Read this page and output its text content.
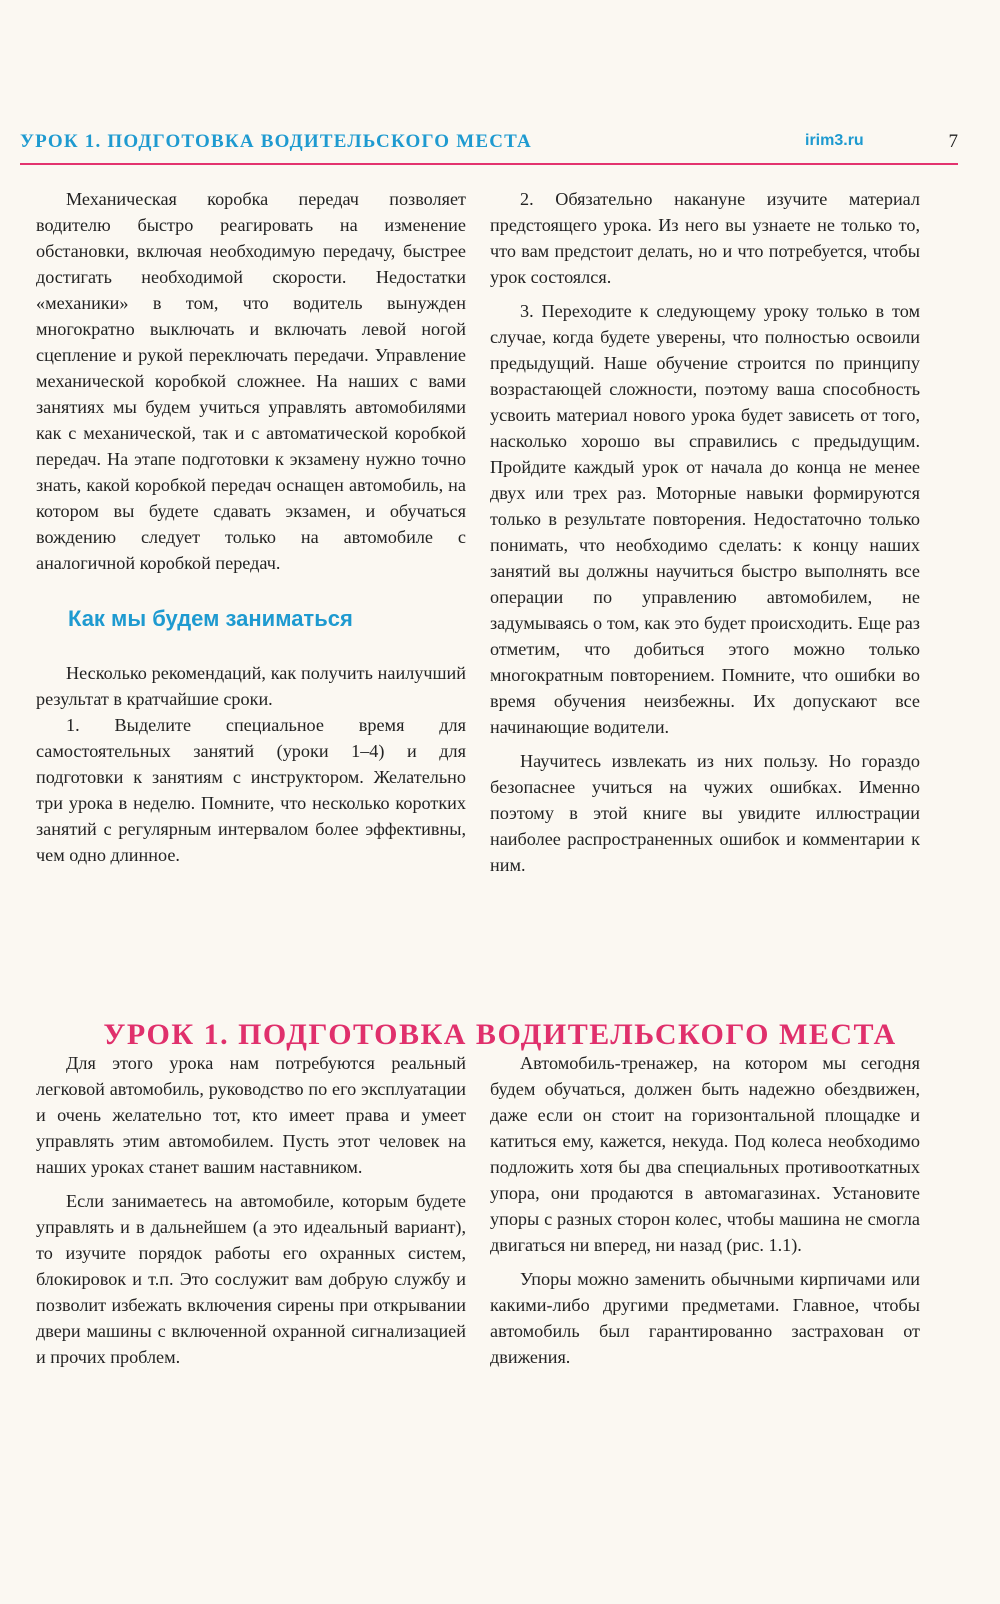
УРОК 1. ПОДГОТОВКА ВОДИТЕЛЬСКОГО МЕСТА	irim3.ru	7

Механическая коробка передач позволяет водителю быстро реагировать на изменение обстановки, включая необходимую передачу, быстрее достигать необходимой скорости. Недостатки «механики» в том, что водитель вынужден многократно выключать и включать левой ногой сцепление и рукой переключать передачи. Управление механической коробкой сложнее. На наших с вами занятиях мы будем учиться управлять автомобилями как с механической, так и с автоматической коробкой передач. На этапе подготовки к экзамену нужно точно знать, какой коробкой передач оснащен автомобиль, на котором вы будете сдавать экзамен, и обучаться вождению следует только на автомобиле с аналогичной коробкой передач.

Как мы будем заниматься

Несколько рекомендаций, как получить наилучший результат в кратчайшие сроки.

1. Выделите специальное время для самостоятельных занятий (уроки 1–4) и для подготовки к занятиям с инструктором. Желательно три урока в неделю. Помните, что несколько коротких занятий с регулярным интервалом более эффективны, чем одно длинное.

2. Обязательно накануне изучите материал предстоящего урока. Из него вы узнаете не только то, что вам предстоит делать, но и что потребуется, чтобы урок состоялся.

3. Переходите к следующему уроку только в том случае, когда будете уверены, что полностью освоили предыдущий. Наше обучение строится по принципу возрастающей сложности, поэтому ваша способность усвоить материал нового урока будет зависеть от того, насколько хорошо вы справились с предыдущим. Пройдите каждый урок от начала до конца не менее двух или трех раз. Моторные навыки формируются только в результате повторения. Недостаточно только понимать, что необходимо сделать: к концу наших занятий вы должны научиться быстро выполнять все операции по управлению автомобилем, не задумываясь о том, как это будет происходить. Еще раз отметим, что добиться этого можно только многократным повторением. Помните, что ошибки во время обучения неизбежны. Их допускают все начинающие водители.

Научитесь извлекать из них пользу. Но гораздо безопаснее учиться на чужих ошибках. Именно поэтому в этой книге вы увидите иллюстрации наиболее распространенных ошибок и комментарии к ним.

УРОК 1. ПОДГОТОВКА ВОДИТЕЛЬСКОГО МЕСТА

Для этого урока нам потребуются реальный легковой автомобиль, руководство по его эксплуатации и очень желательно тот, кто имеет права и умеет управлять этим автомобилем. Пусть этот человек на наших уроках станет вашим наставником.

Если занимаетесь на автомобиле, которым будете управлять и в дальнейшем (а это идеальный вариант), то изучите порядок работы его охранных систем, блокировок и т.п. Это сослужит вам добрую службу и позволит избежать включения сирены при открывании двери машины с включенной охранной сигнализацией и прочих проблем.

Автомобиль-тренажер, на котором мы сегодня будем обучаться, должен быть надежно обездвижен, даже если он стоит на горизонтальной площадке и катиться ему, кажется, некуда. Под колеса необходимо подложить хотя бы два специальных противооткатных упора, они продаются в автомагазинах. Установите упоры с разных сторон колес, чтобы машина не смогла двигаться ни вперед, ни назад (рис. 1.1).

Упоры можно заменить обычными кирпичами или какими-либо другими предметами. Главное, чтобы автомобиль был гарантированно застрахован от движения.
